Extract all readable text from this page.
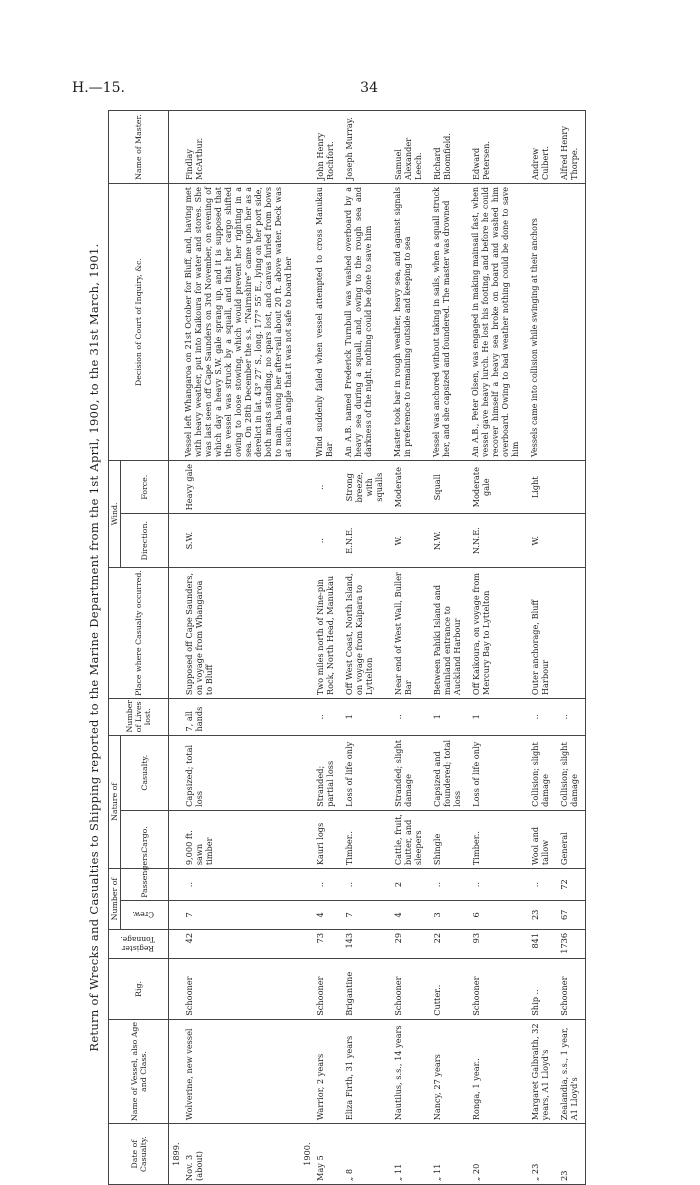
H.—15.	34
Return of Wrecks and Casualties to Shipping reported to the Marine Department from the 1st April, 1900, to the 31st March, 1901.
Date of Casualty.	Name of Vessel, also Age and Class.	Rig.	Register Tonnage.	Number of		Nature of		Number of Lives lost.	Place where Casualty occurred.	Wind.		Decision of Court of Inquiry, &c.	Name of Master.
				Crew.	Passengers.	Cargo.	Casualty.			Direction.	Force.		
1899.													
Nov. 3
(about)	Wolverine, new vessel	Schooner	42	7	..	9,000 ft. sawn timber	Capsized; total loss	7, all hands	Supposed off Cape Saunders, on voyage from Whangaroa to Bluff	S.W.	Heavy gale	Vessel left Whangaroa on 21st October for Bluff, and, having met with heavy weather, put into Kaikoura for water and stores. She was last seen off Cape Saunders on 3rd November, on evening of which day a heavy S.W. gale sprang up, and it is supposed that the vessel was struck by a squall, and that her cargo shifted owing to loose stowing, which would prevent her righting in a sea. On 28th December the s.s. “Nairnshire” came upon her as a derelict in lat. 43° 27′ S., long. 177° 55′ E., lying on her port side, both masts standing, no spars lost, and canvas furled from bows to main, having her after-rail about 20 ft. above water. Deck was at such an angle that it was not safe to board her	Findlay McArthur.
1900.													
May 5	Warrior, 2 years	Schooner	73	4	..	Kauri logs	Stranded; partial loss	..	Two miles north of Nine-pin Rock, North Head, Manukau	..	..	Wind suddenly failed when vessel attempted to cross Manukau Bar	John Henry Rochfort.
„ 8	Eliza Firth, 31 years	Brigantine	143	7	..	Timber..	Loss of life only	1	Off West Coast, North Island, on voyage from Kaipara to Lyttelton	E.N.E.	Strong breeze, with squalls	An A.B. named Frederick Turnbull was washed overboard by a heavy sea during a squall, and, owing to the rough sea and darkness of the night, nothing could be done to save him	Joseph Murray.
„ 11	Nautilus, s.s., 14 years	Schooner	29	4	2	Cattle, fruit, butter, and sleepers	Stranded; slight damage	..	Near end of West Wall, Buller Bar	W.	Moderate	Master took bar in rough weather, heavy sea, and against signals in preference to remaining outside and keeping to sea	Samuel Alexander Leech.
„ 11	Nancy, 27 years	Cutter..	22	3	..	Shingle	Capsized and foundered; total loss	1	Between Pahiki Island and mainland entrance to Auckland Harbour	N.W.	Squall	Vessel was anchored without taking in sails, when a squall struck her, and she capsized and foundered. The master was drowned	Richard Bloomfield.
„ 20	Ronga, 1 year..	Schooner	93	6	..	Timber..	Loss of life only	1	Off Kaikoura, on voyage from Mercury Bay to Lyttelton	N.N.E.	Moderate gale	An A.B., Peter Olsen, was engaged in making mainsail fast, when vessel gave heavy lurch. He lost his footing, and before he could recover himself a heavy sea broke on board and washed him overboard. Owing to bad weather nothing could be done to save him	Edward Petersen.
„ 23	Margaret Galbraith, 32 years, A1 Lloyd's	Ship ..	841	23	..	Wool and tallow	Collision; slight damage	..	Outer anchorage, Bluff Harbour	W.	Light	Vessels came into collision while swinging at their anchors	Andrew Culbert.
23	Zealandia, s.s., 1 year, A1 Lloyd's	Schooner	1736	67	72	General	Collision; slight damage	..					Alfred Henry Thorpe.
